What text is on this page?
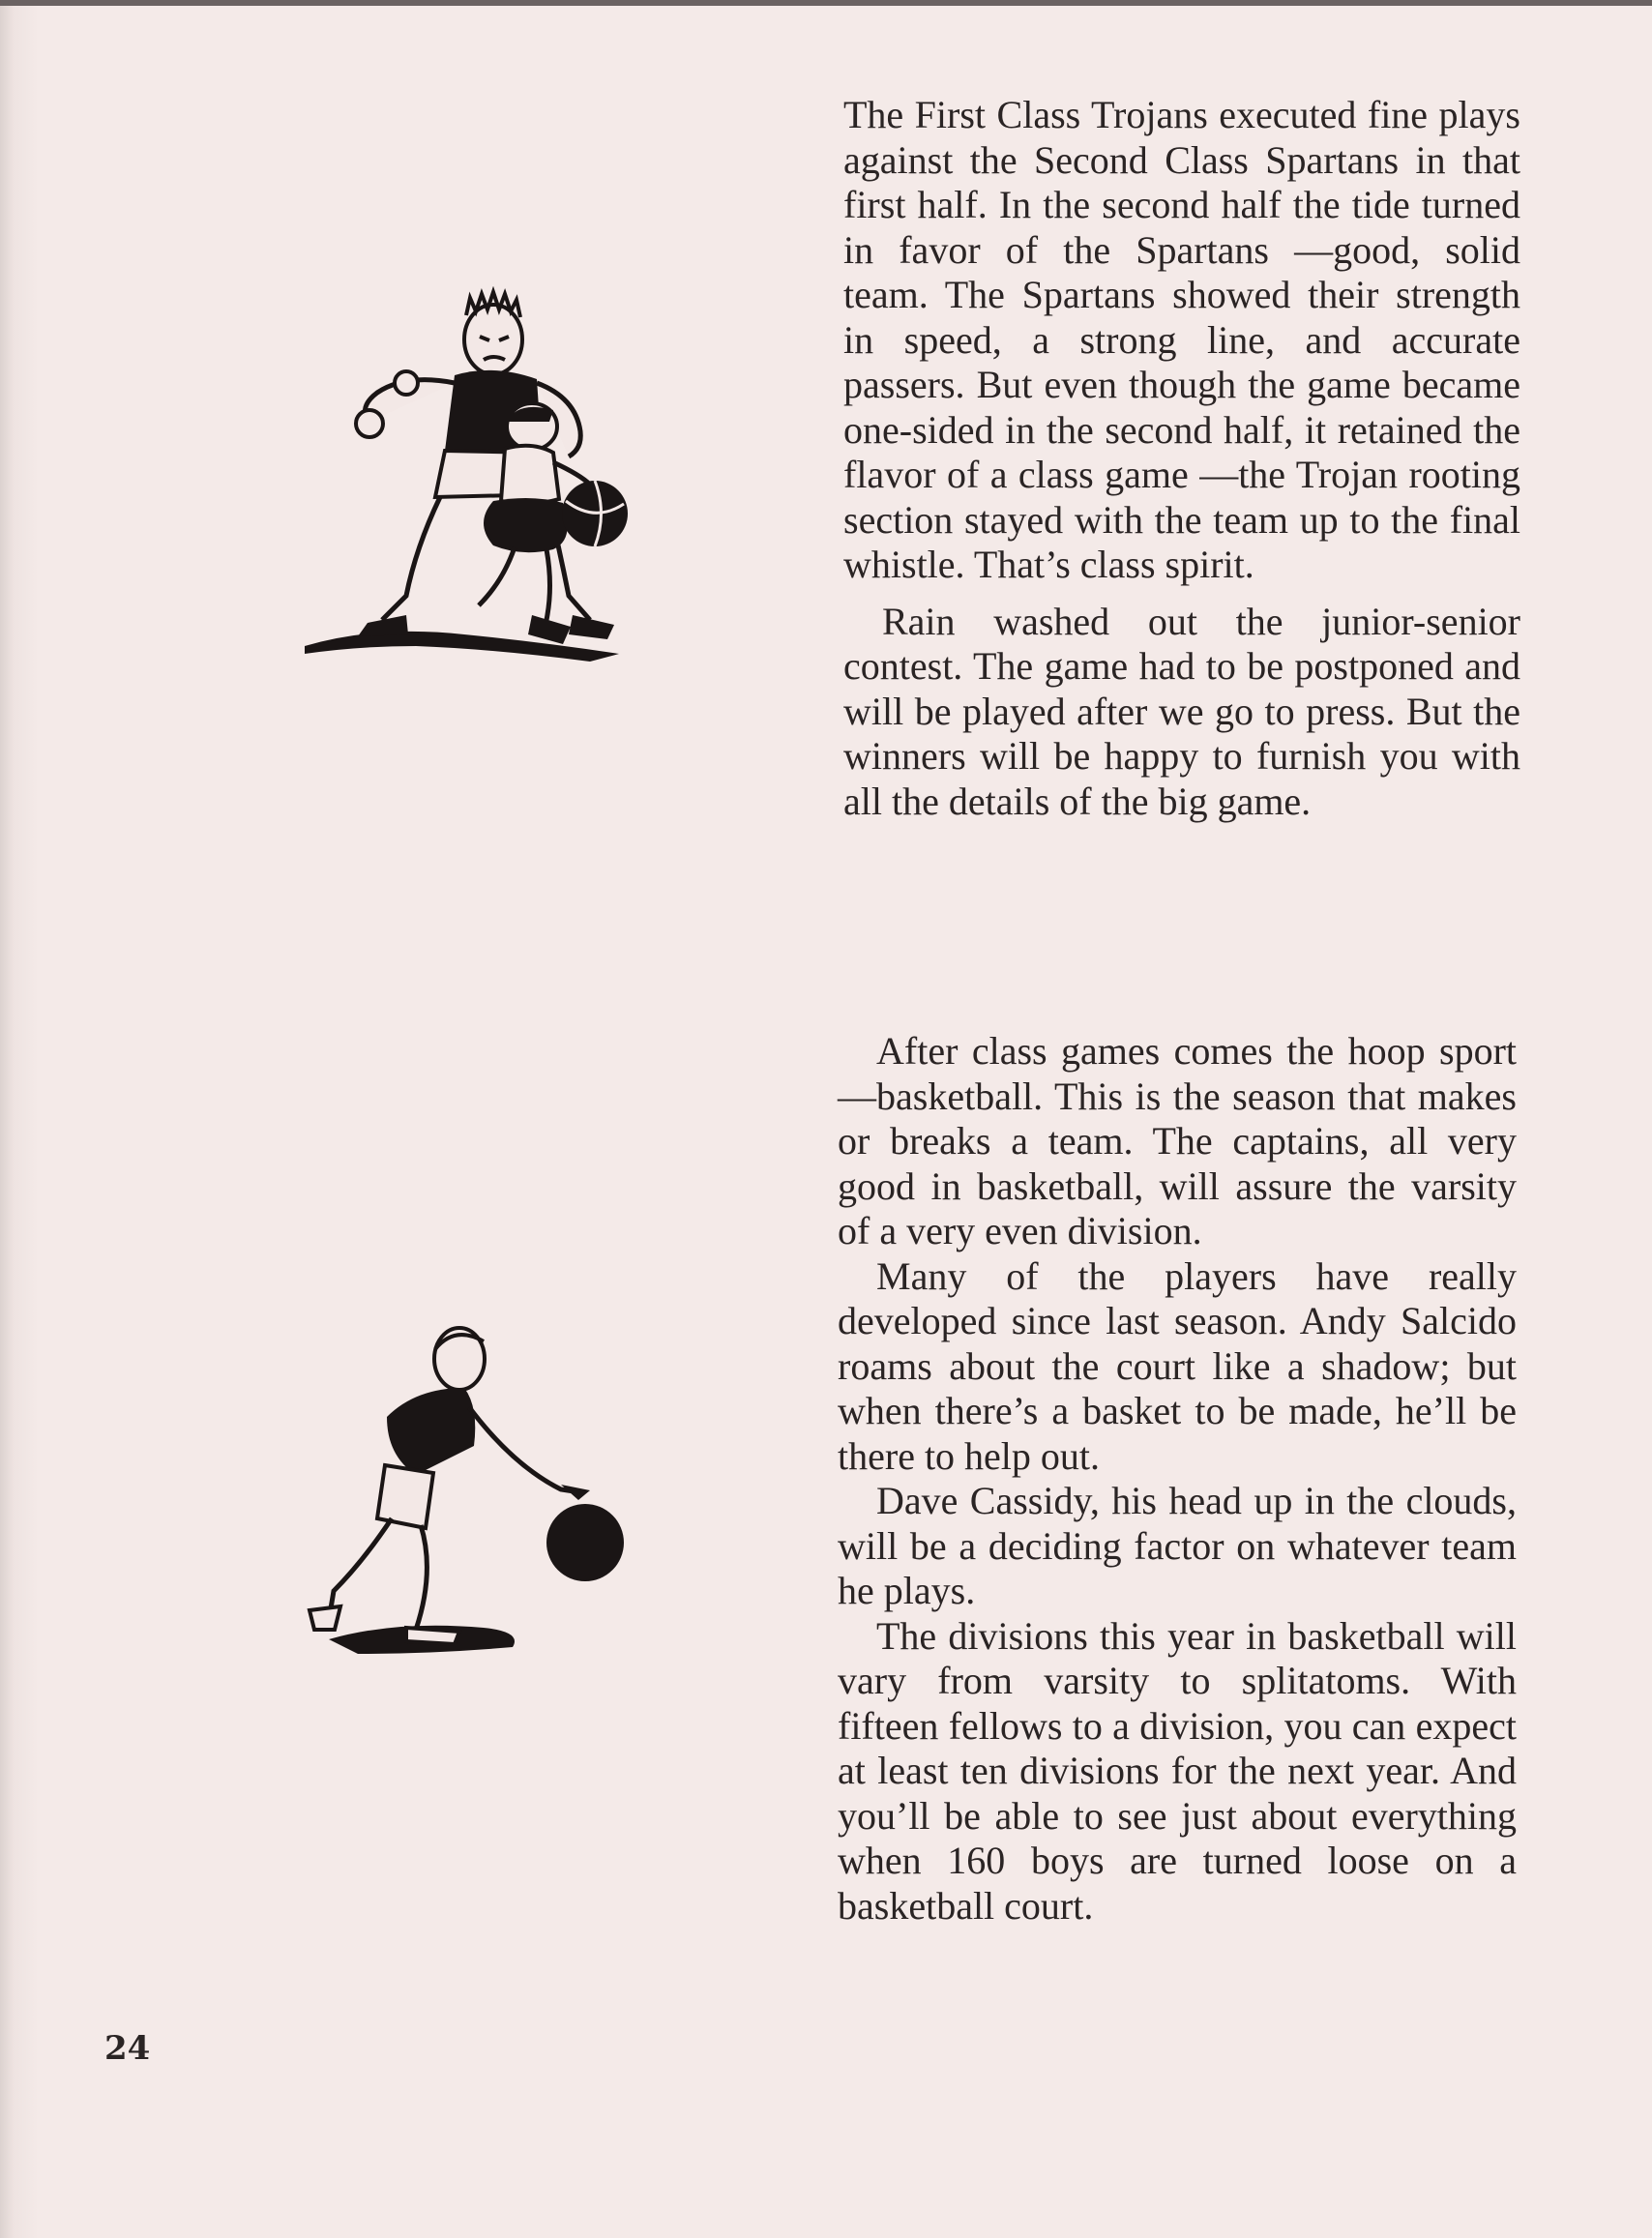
The First Class Trojans executed fine plays against the Second Class Spartans in that first half. In the second half the tide turned in favor of the Spartans —good, solid team. The Spartans showed their strength in speed, a strong line, and accurate passers. But even though the game became one-sided in the second half, it retained the flavor of a class game —the Trojan rooting section stayed with the team up to the final whistle. That’s class spirit.

Rain washed out the junior-senior contest. The game had to be postponed and will be played after we go to press. But the winners will be happy to furnish you with all the details of the big game.

After class games comes the hoop sport —basketball. This is the season that makes or breaks a team. The captains, all very good in basketball, will assure the varsity of a very even division.

Many of the players have really developed since last season. Andy Salcido roams about the court like a shadow; but when there’s a basket to be made, he’ll be there to help out.

Dave Cassidy, his head up in the clouds, will be a deciding factor on whatever team he plays.

The divisions this year in basketball will vary from varsity to splitatoms. With fifteen fellows to a division, you can expect at least ten divisions for the next year. And you’ll be able to see just about everything when 160 boys are turned loose on a basketball court.

24
